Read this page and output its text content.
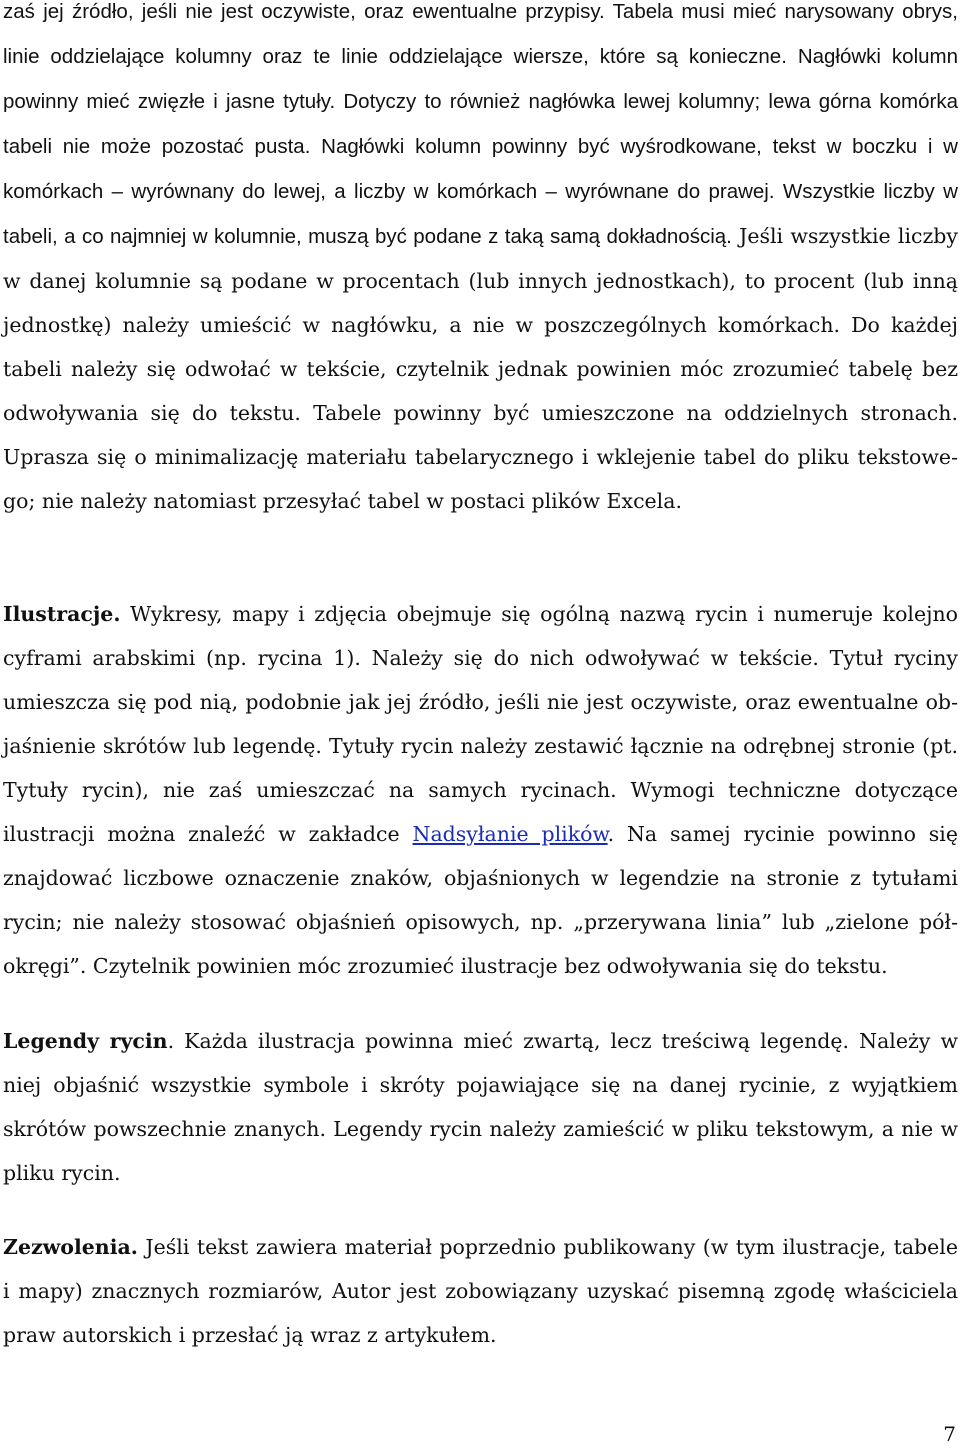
zaś jej źródło, jeśli nie jest oczywiste, oraz ewentualne przypisy. Tabela musi mieć narysowany obrys, linie oddzielające kolumny oraz te linie oddzielające wiersze, które są konieczne. Nagłówki kolumn powinny mieć zwięzłe i jasne tytuły. Dotyczy to również nagłówka lewej kolumny; lewa górna komórka tabeli nie może pozostać pusta. Nagłówki kolumn powinny być wyśrodkowane, tekst w boczku i w komórkach – wyrównany do lewej, a liczby w komórkach – wyrównane do prawej. Wszystkie liczby w tabeli, a co najmniej w kolumnie, muszą być podane z taką samą dokładnością. Jeśli wszystkie liczby w danej kolumnie są podane w procentach (lub innych jednostkach), to procent (lub inną jednostkę) należy umieścić w nagłówku, a nie w poszczególnych komórkach. Do każdej tabeli należy się odwołać w tekście, czytelnik jednak powinien móc zrozumieć tabelę bez odwoływania się do tekstu. Tabele powinny być umieszczone na oddzielnych stronach. Uprasza się o minimalizację materiału tabelarycznego i wklejenie tabel do pliku tekstowego; nie należy natomiast przesyłać tabel w postaci plików Excela.

Ilustracje. Wykresy, mapy i zdjęcia obejmuje się ogólną nazwą rycin i numeruje kolejno cyframi arabskimi (np. rycina 1). Należy się do nich odwoływać w tekście. Tytuł ryciny umieszcza się pod nią, podobnie jak jej źródło, jeśli nie jest oczywiste, oraz ewentualne objaśnienie skrótów lub legendę. Tytuły rycin należy zestawić łącznie na odrębnej stronie (pt. Tytuły rycin), nie zaś umieszczać na samych rycinach. Wymogi techniczne dotyczące ilustracji można znaleźć w zakładce Nadsyłanie plików. Na samej rycinie powinno się znajdować liczbowe oznaczenie znaków, objaśnionych w legendzie na stronie z tytułami rycin; nie należy stosować objaśnień opisowych, np. „przerywana linia” lub „zielone półokręgi”. Czytelnik powinien móc zrozumieć ilustracje bez odwoływania się do tekstu.

Legendy rycin. Każda ilustracja powinna mieć zwartą, lecz treściwą legendę. Należy w niej objaśnić wszystkie symbole i skróty pojawiające się na danej rycinie, z wyjątkiem skrótów powszechnie znanych. Legendy rycin należy zamieścić w pliku tekstowym, a nie w pliku rycin.

Zezwolenia. Jeśli tekst zawiera materiał poprzednio publikowany (w tym ilustracje, tabele i mapy) znacznych rozmiarów, Autor jest zobowiązany uzyskać pisemną zgodę właściciela praw autorskich i przesłać ją wraz z artykułem.

7
